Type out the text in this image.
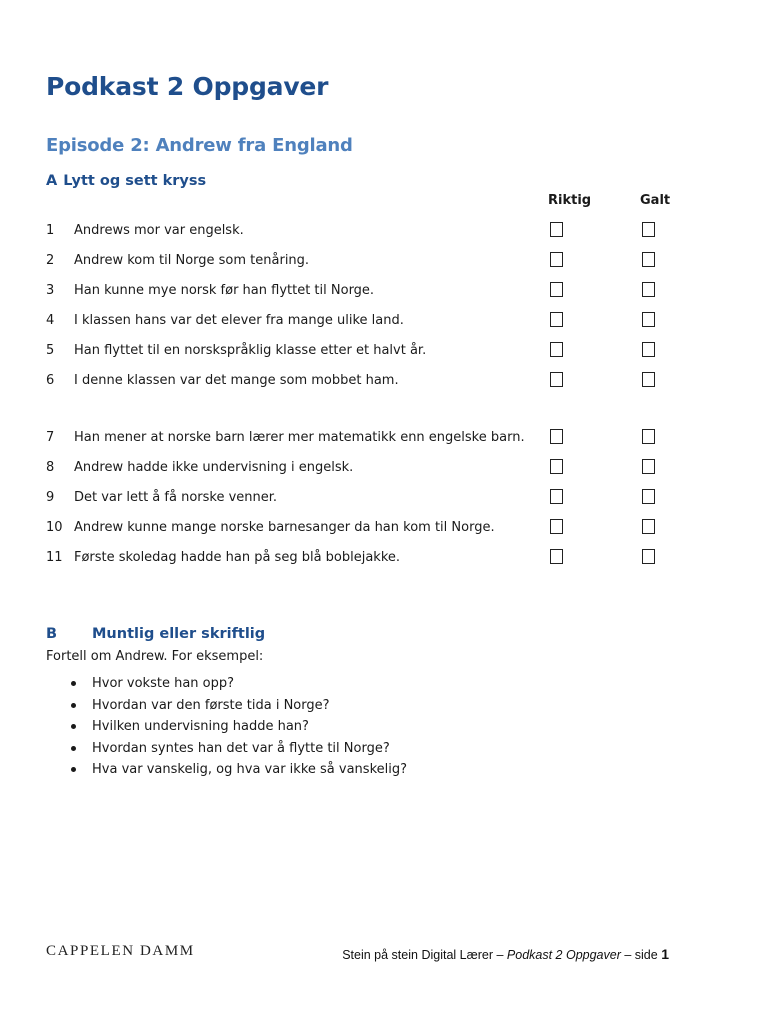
Podkast 2 Oppgaver
Episode 2: Andrew fra England
A Lytt og sett kryss
Riktig	Galt
1 Andrews mor var engelsk.
2 Andrew kom til Norge som tenåring.
3 Han kunne mye norsk før han flyttet til Norge.
4 I klassen hans var det elever fra mange ulike land.
5 Han flyttet til en norskspråklig klasse etter et halvt år.
6 I denne klassen var det mange som mobbet ham.
7 Han mener at norske barn lærer mer matematikk enn engelske barn.
8 Andrew hadde ikke undervisning i engelsk.
9 Det var lett å få norske venner.
10 Andrew kunne mange norske barnesanger da han kom til Norge.
11 Første skoledag hadde han på seg blå boblejakke.
B Muntlig eller skriftlig
Fortell om Andrew. For eksempel:
Hvor vokste han opp?
Hvordan var den første tida i Norge?
Hvilken undervisning hadde han?
Hvordan syntes han det var å flytte til Norge?
Hva var vanskelig, og hva var ikke så vanskelig?
CAPPELEN DAMM	Stein på stein Digital Lærer – Podkast 2 Oppgaver – side 1
